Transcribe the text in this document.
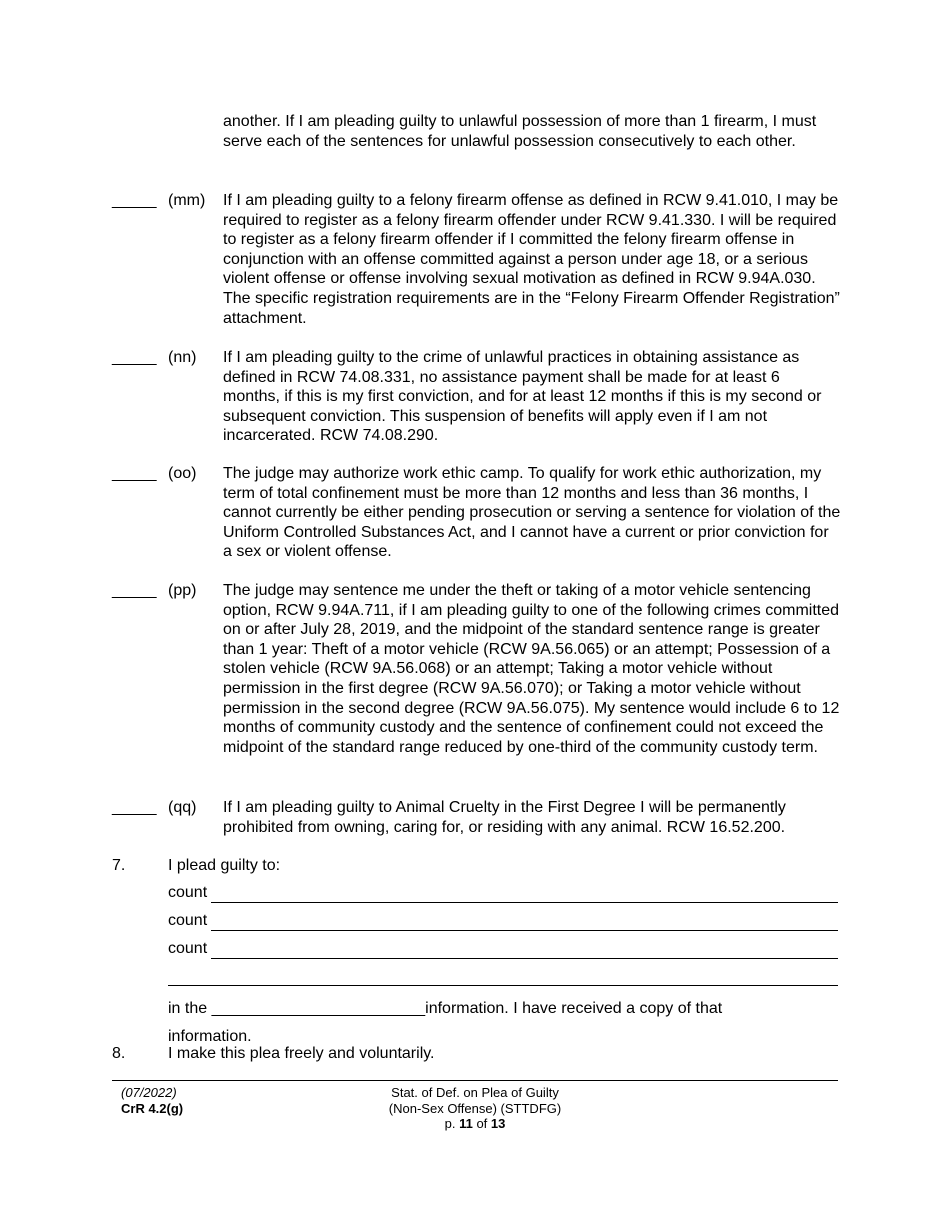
another. If I am pleading guilty to unlawful possession of more than 1 firearm, I must serve each of the sentences for unlawful possession consecutively to each other.
_____ (mm) If I am pleading guilty to a felony firearm offense as defined in RCW 9.41.010, I may be required to register as a felony firearm offender under RCW 9.41.330. I will be required to register as a felony firearm offender if I committed the felony firearm offense in conjunction with an offense committed against a person under age 18, or a serious violent offense or offense involving sexual motivation as defined in RCW 9.94A.030. The specific registration requirements are in the “Felony Firearm Offender Registration” attachment.
_____ (nn) If I am pleading guilty to the crime of unlawful practices in obtaining assistance as defined in RCW 74.08.331, no assistance payment shall be made for at least 6 months, if this is my first conviction, and for at least 12 months if this is my second or subsequent conviction. This suspension of benefits will apply even if I am not incarcerated. RCW 74.08.290.
_____ (oo) The judge may authorize work ethic camp. To qualify for work ethic authorization, my term of total confinement must be more than 12 months and less than 36 months, I cannot currently be either pending prosecution or serving a sentence for violation of the Uniform Controlled Substances Act, and I cannot have a current or prior conviction for a sex or violent offense.
_____ (pp) The judge may sentence me under the theft or taking of a motor vehicle sentencing option, RCW 9.94A.711, if I am pleading guilty to one of the following crimes committed on or after July 28, 2019, and the midpoint of the standard sentence range is greater than 1 year: Theft of a motor vehicle (RCW 9A.56.065) or an attempt; Possession of a stolen vehicle (RCW 9A.56.068) or an attempt; Taking a motor vehicle without permission in the first degree (RCW 9A.56.070); or Taking a motor vehicle without permission in the second degree (RCW 9A.56.075). My sentence would include 6 to 12 months of community custody and the sentence of confinement could not exceed the midpoint of the standard range reduced by one-third of the community custody term.
_____ (qq) If I am pleading guilty to Animal Cruelty in the First Degree I will be permanently prohibited from owning, caring for, or residing with any animal. RCW 16.52.200.
7.	I plead guilty to:
count
count
count
in the ________________________information. I have received a copy of that information.
8.	I make this plea freely and voluntarily.
(07/2022)
CrR 4.2(g)
Stat. of Def. on Plea of Guilty
(Non-Sex Offense) (STTDFG)
p. 11 of 13
